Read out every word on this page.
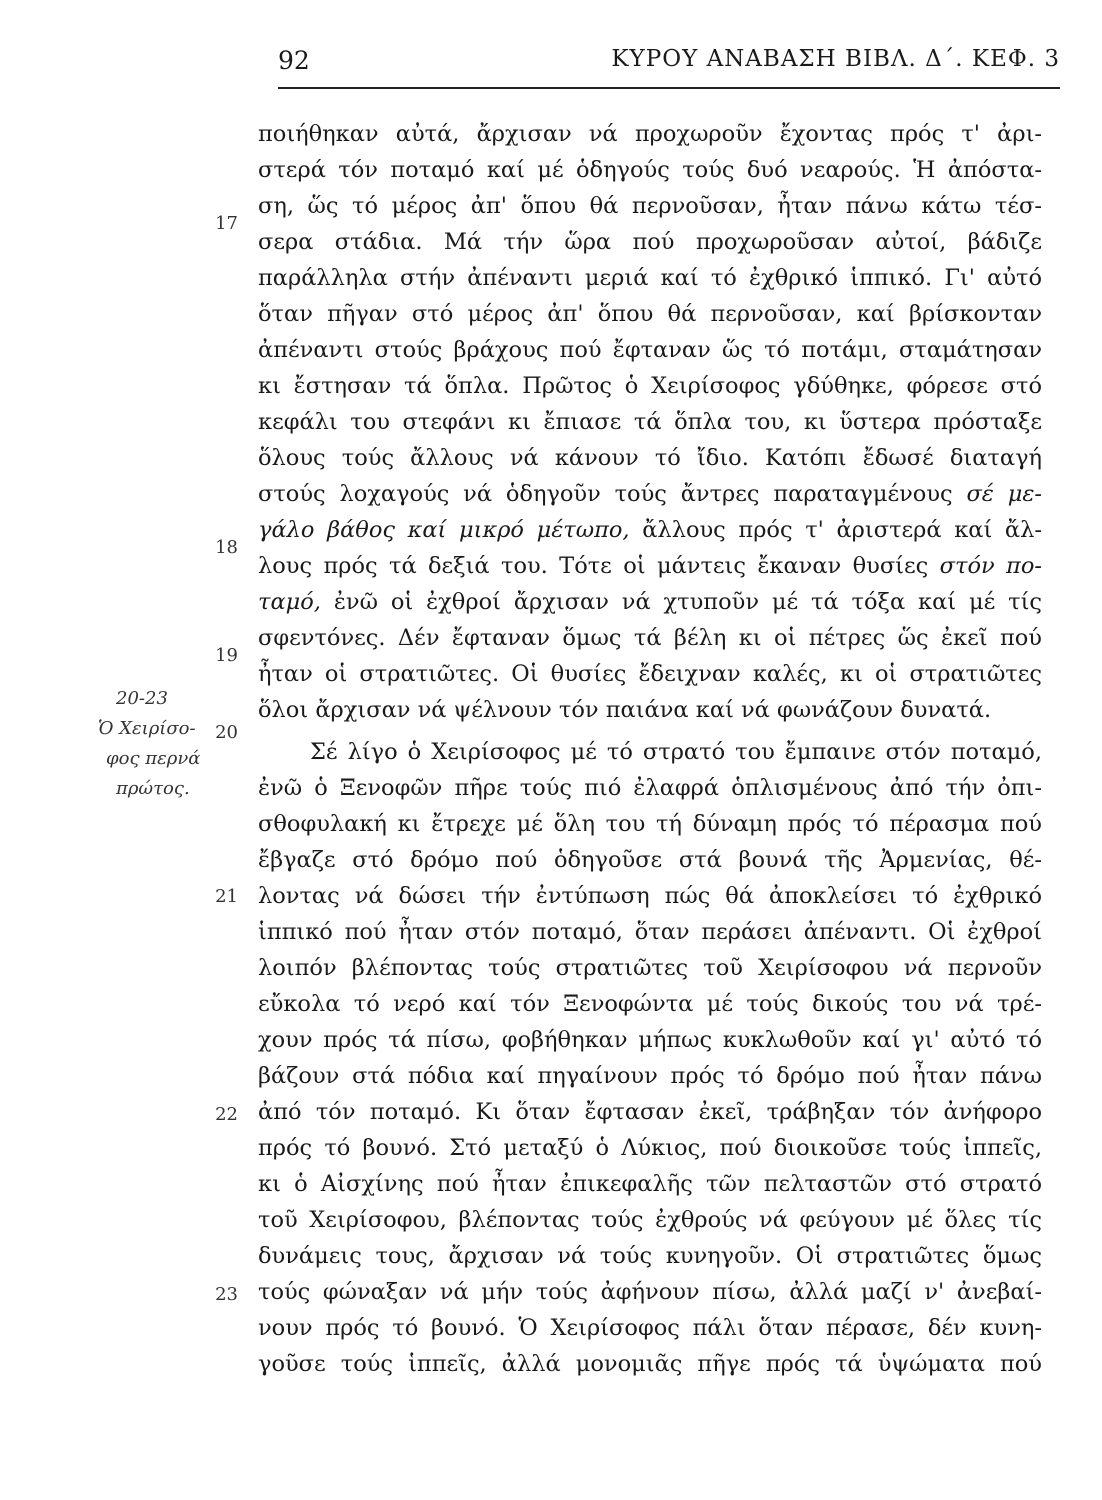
92	ΚΥΡΟΥ ΑΝΑΒΑΣΗ ΒΙΒΛ. Δ΄. ΚΕΦ. 3
17
18
19
20
21
22
23
20-23
Ὁ Χειρίσο-
φος περνά
πρώτος.
ποιήθηκαν αὐτά, ἄρχισαν νά προχωροῦν ἔχοντας πρός τ' ἀρι-
στερά τόν ποταμό καί μέ ὁδηγούς τούς δυό νεαρούς. Ἡ ἀπόστα-
ση, ὥς τό μέρος ἀπ' ὅπου θά περνοῦσαν, ἦταν πάνω κάτω τέσ-
σερα στάδια. Μά τήν ὥρα πού προχωροῦσαν αὐτοί, βάδιζε
παράλληλα στήν ἀπέναντι μεριά καί τό ἐχθρικό ἱππικό. Γι' αὐτό
ὅταν πῆγαν στό μέρος ἀπ' ὅπου θά περνοῦσαν, καί βρίσκονταν
ἀπέναντι στούς βράχους πού ἔφταναν ὥς τό ποτάμι, σταμάτησαν
κι ἔστησαν τά ὅπλα. Πρῶτος ὁ Χειρίσοφος γδύθηκε, φόρεσε στό
κεφάλι του στεφάνι κι ἔπιασε τά ὅπλα του, κι ὕστερα πρόσταξε
ὅλους τούς ἄλλους νά κάνουν τό ἴδιο. Κατόπι ἔδωσέ διαταγή
στούς λοχαγούς νά ὁδηγοῦν τούς ἄντρες παραταγμένους σέ με-
γάλο βάθος καί μικρό μέτωπο, ἄλλους πρός τ' ἀριστερά καί ἄλ-
λους πρός τά δεξιά του. Τότε οἱ μάντεις ἔκαναν θυσίες στόν πο-
ταμό, ἐνῶ οἱ ἐχθροί ἄρχισαν νά χτυποῦν μέ τά τόξα καί μέ τίς
σφεντόνες. Δέν ἔφταναν ὅμως τά βέλη κι οἱ πέτρες ὥς ἐκεῖ πού
ἦταν οἱ στρατιῶτες. Οἱ θυσίες ἔδειχναν καλές, κι οἱ στρατιῶτες
ὅλοι ἄρχισαν νά ψέλνουν τόν παιάνα καί νά φωνάζουν δυνατά.
Σέ λίγο ὁ Χειρίσοφος μέ τό στρατό του ἔμπαινε στόν ποταμό,
ἐνῶ ὁ Ξενοφῶν πῆρε τούς πιό ἐλαφρά ὁπλισμένους ἀπό τήν ὀπι-
σθοφυλακή κι ἔτρεχε μέ ὅλη του τή δύναμη πρός τό πέρασμα πού
ἔβγαζε στό δρόμο πού ὁδηγοῦσε στά βουνά τῆς Ἀρμενίας, θέ-
λοντας νά δώσει τήν ἐντύπωση πώς θά ἀποκλείσει τό ἐχθρικό
ἱππικό πού ἦταν στόν ποταμό, ὅταν περάσει ἀπέναντι. Οἱ ἐχθροί
λοιπόν βλέποντας τούς στρατιῶτες τοῦ Χειρίσοφου νά περνοῦν
εὔκολα τό νερό καί τόν Ξενοφώντα μέ τούς δικούς του νά τρέ-
χουν πρός τά πίσω, φοβήθηκαν μήπως κυκλωθοῦν καί γι' αὐτό τό
βάζουν στά πόδια καί πηγαίνουν πρός τό δρόμο πού ἦταν πάνω
ἀπό τόν ποταμό. Κι ὅταν ἔφτασαν ἐκεῖ, τράβηξαν τόν ἀνήφορο
πρός τό βουνό. Στό μεταξύ ὁ Λύκιος, πού διοικοῦσε τούς ἱππεῖς,
κι ὁ Αἰσχίνης πού ἦταν ἐπικεφαλῆς τῶν πελταστῶν στό στρατό
τοῦ Χειρίσοφου, βλέποντας τούς ἐχθρούς νά φεύγουν μέ ὅλες τίς
δυνάμεις τους, ἄρχισαν νά τούς κυνηγοῦν. Οἱ στρατιῶτες ὅμως
τούς φώναξαν νά μήν τούς ἀφήνουν πίσω, ἀλλά μαζί ν' ἀνεβαί-
νουν πρός τό βουνό. Ὁ Χειρίσοφος πάλι ὅταν πέρασε, δέν κυνη-
γοῦσε τούς ἱππεῖς, ἀλλά μονομιᾶς πῆγε πρός τά ὑψώματα πού
